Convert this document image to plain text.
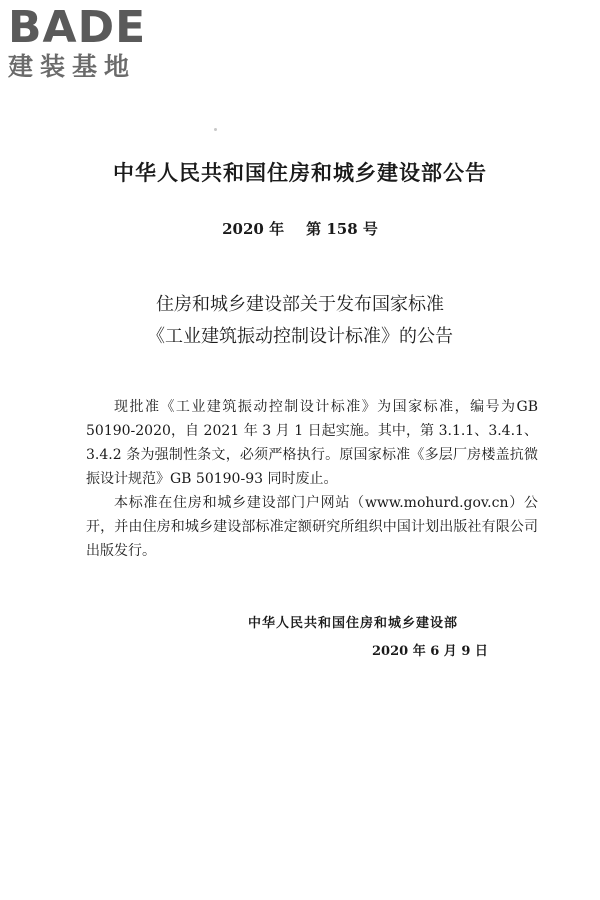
BADE
建装基地
中华人民共和国住房和城乡建设部公告
2020 年 第 158 号
住房和城乡建设部关于发布国家标准
《工业建筑振动控制设计标准》的公告
现批准《工业建筑振动控制设计标准》为国家标准，编号为GB 50190-2020，自 2021 年 3 月 1 日起实施。其中，第 3.1.1、3.4.1、3.4.2 条为强制性条文，必须严格执行。原国家标准《多层厂房楼盖抗微振设计规范》GB 50190-93 同时废止。
本标准在住房和城乡建设部门户网站（www.mohurd.gov.cn）公开，并由住房和城乡建设部标准定额研究所组织中国计划出版社有限公司出版发行。
中华人民共和国住房和城乡建设部
2020 年 6 月 9 日
